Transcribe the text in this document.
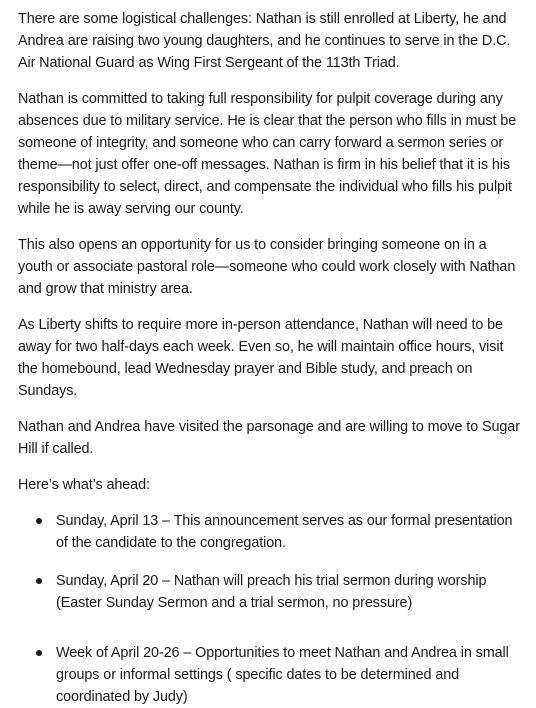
There are some logistical challenges: Nathan is still enrolled at Liberty, he and Andrea are raising two young daughters, and he continues to serve in the D.C. Air National Guard as Wing First Sergeant of the 113th Triad.

Nathan is committed to taking full responsibility for pulpit coverage during any absences due to military service. He is clear that the person who fills in must be someone of integrity, and someone who can carry forward a sermon series or theme—not just offer one-off messages. Nathan is firm in his belief that it is his responsibility to select, direct, and compensate the individual who fills his pulpit while he is away serving our county.

This also opens an opportunity for us to consider bringing someone on in a youth or associate pastoral role—someone who could work closely with Nathan and grow that ministry area.

As Liberty shifts to require more in-person attendance, Nathan will need to be away for two half-days each week. Even so, he will maintain office hours, visit the homebound, lead Wednesday prayer and Bible study, and preach on Sundays.

Nathan and Andrea have visited the parsonage and are willing to move to Sugar Hill if called.

Here’s what’s ahead:

Sunday, April 13 – This announcement serves as our formal presentation of the candidate to the congregation.
Sunday, April 20 – Nathan will preach his trial sermon during worship (Easter Sunday Sermon and a trial sermon, no pressure)
Week of April 20-26 – Opportunities to meet Nathan and Andrea in small groups or informal settings ( specific dates to be determined and coordinated by Judy)
